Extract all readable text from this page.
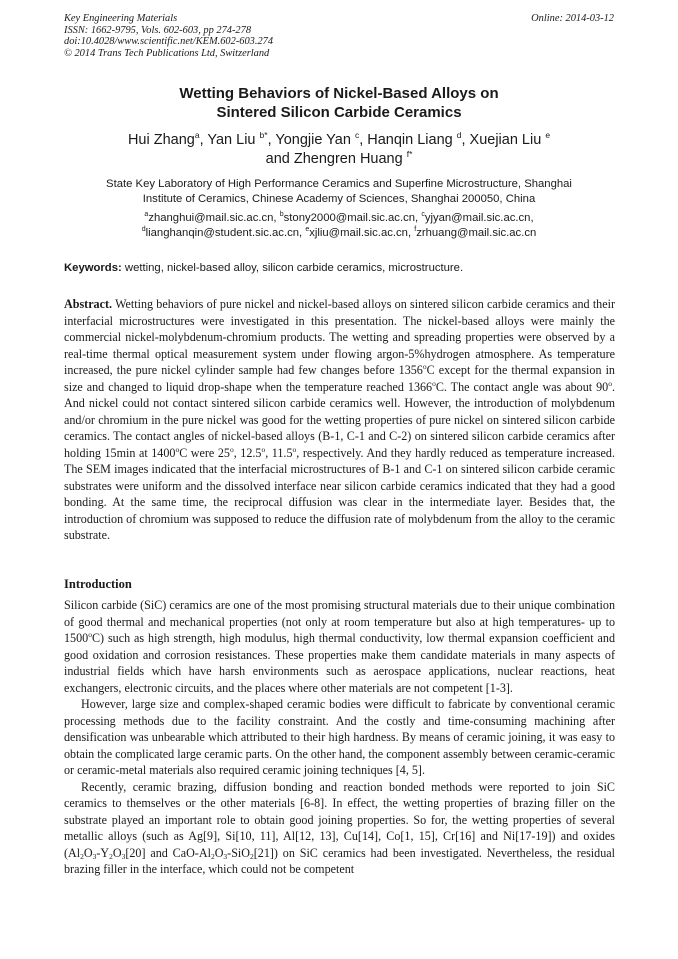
Key Engineering Materials
ISSN: 1662-9795, Vols. 602-603, pp 274-278
doi:10.4028/www.scientific.net/KEM.602-603.274
© 2014 Trans Tech Publications Ltd, Switzerland
Online: 2014-03-12
Wetting Behaviors of Nickel-Based Alloys on
Sintered Silicon Carbide Ceramics
Hui Zhang$^a$, Yan Liu $^{b*}$, Yongjie Yan $^c$, Hanqin Liang $^d$, Xuejian Liu $^e$
and Zhengren Huang $^{f*}$
State Key Laboratory of High Performance Ceramics and Superfine Microstructure, Shanghai
Institute of Ceramics, Chinese Academy of Sciences, Shanghai 200050, China
$^a$zhanghui@mail.sic.ac.cn, $^b$stony2000@mail.sic.ac.cn, $^c$yjyan@mail.sic.ac.cn,
$^d$lianghanqin@student.sic.ac.cn, $^e$xjliu@mail.sic.ac.cn, $^f$zrhuang@mail.sic.ac.cn
Keywords: wetting, nickel-based alloy, silicon carbide ceramics, microstructure.
Abstract. Wetting behaviors of pure nickel and nickel-based alloys on sintered silicon carbide ceramics and their interfacial microstructures were investigated in this presentation. The nickel-based alloys were mainly the commercial nickel-molybdenum-chromium products. The wetting and spreading properties were observed by a real-time thermal optical measurement system under flowing argon-5%hydrogen atmosphere. As temperature increased, the pure nickel cylinder sample had few changes before 1356$^o$C except for the thermal expansion in size and changed to liquid drop-shape when the temperature reached 1366$^o$C. The contact angle was about 90$^o$. And nickel could not contact sintered silicon carbide ceramics well. However, the introduction of molybdenum and/or chromium in the pure nickel was good for the wetting properties of pure nickel on sintered silicon carbide ceramics. The contact angles of nickel-based alloys (B-1, C-1 and C-2) on sintered silicon carbide ceramics after holding 15min at 1400$^o$C were 25$^o$, 12.5$^o$, 11.5$^o$, respectively. And they hardly reduced as temperature increased. The SEM images indicated that the interfacial microstructures of B-1 and C-1 on sintered silicon carbide ceramic substrates were uniform and the dissolved interface near silicon carbide ceramics indicated that they had a good bonding. At the same time, the reciprocal diffusion was clear in the intermediate layer. Besides that, the introduction of chromium was supposed to reduce the diffusion rate of molybdenum from the alloy to the ceramic substrate.
Introduction

Silicon carbide (SiC) ceramics are one of the most promising structural materials due to their unique combination of good thermal and mechanical properties (not only at room temperature but also at high temperatures- up to 1500$^o$C) such as high strength, high modulus, high thermal conductivity, low thermal expansion coefficient and good oxidation and corrosion resistances. These properties make them candidate materials in many aspects of industrial fields which have harsh environments such as aerospace applications, nuclear reactions, heat exchangers, electronic circuits, and the places where other materials are not competent [1-3].

However, large size and complex-shaped ceramic bodies were difficult to fabricate by conventional ceramic processing methods due to the facility constraint. And the costly and time-consuming machining after densification was unbearable which attributed to their high hardness. By means of ceramic joining, it was easy to obtain the complicated large ceramic parts. On the other hand, the component assembly between ceramic-ceramic or ceramic-metal materials also required ceramic joining techniques [4, 5].

Recently, ceramic brazing, diffusion bonding and reaction bonded methods were reported to join SiC ceramics to themselves or the other materials [6-8]. In effect, the wetting properties of brazing filler on the substrate played an important role to obtain good joining properties. So for, the wetting properties of several metallic alloys (such as Ag[9], Si[10, 11], Al[12, 13], Cu[14], Co[1, 15], Cr[16] and Ni[17-19]) and oxides ($Al_2O_3-Y_2O_3[20]$ and CaO-$Al_2O_3-SiO_2[21]$) on SiC ceramics had been investigated. Nevertheless, the residual brazing filler in the interface, which could not be competent
